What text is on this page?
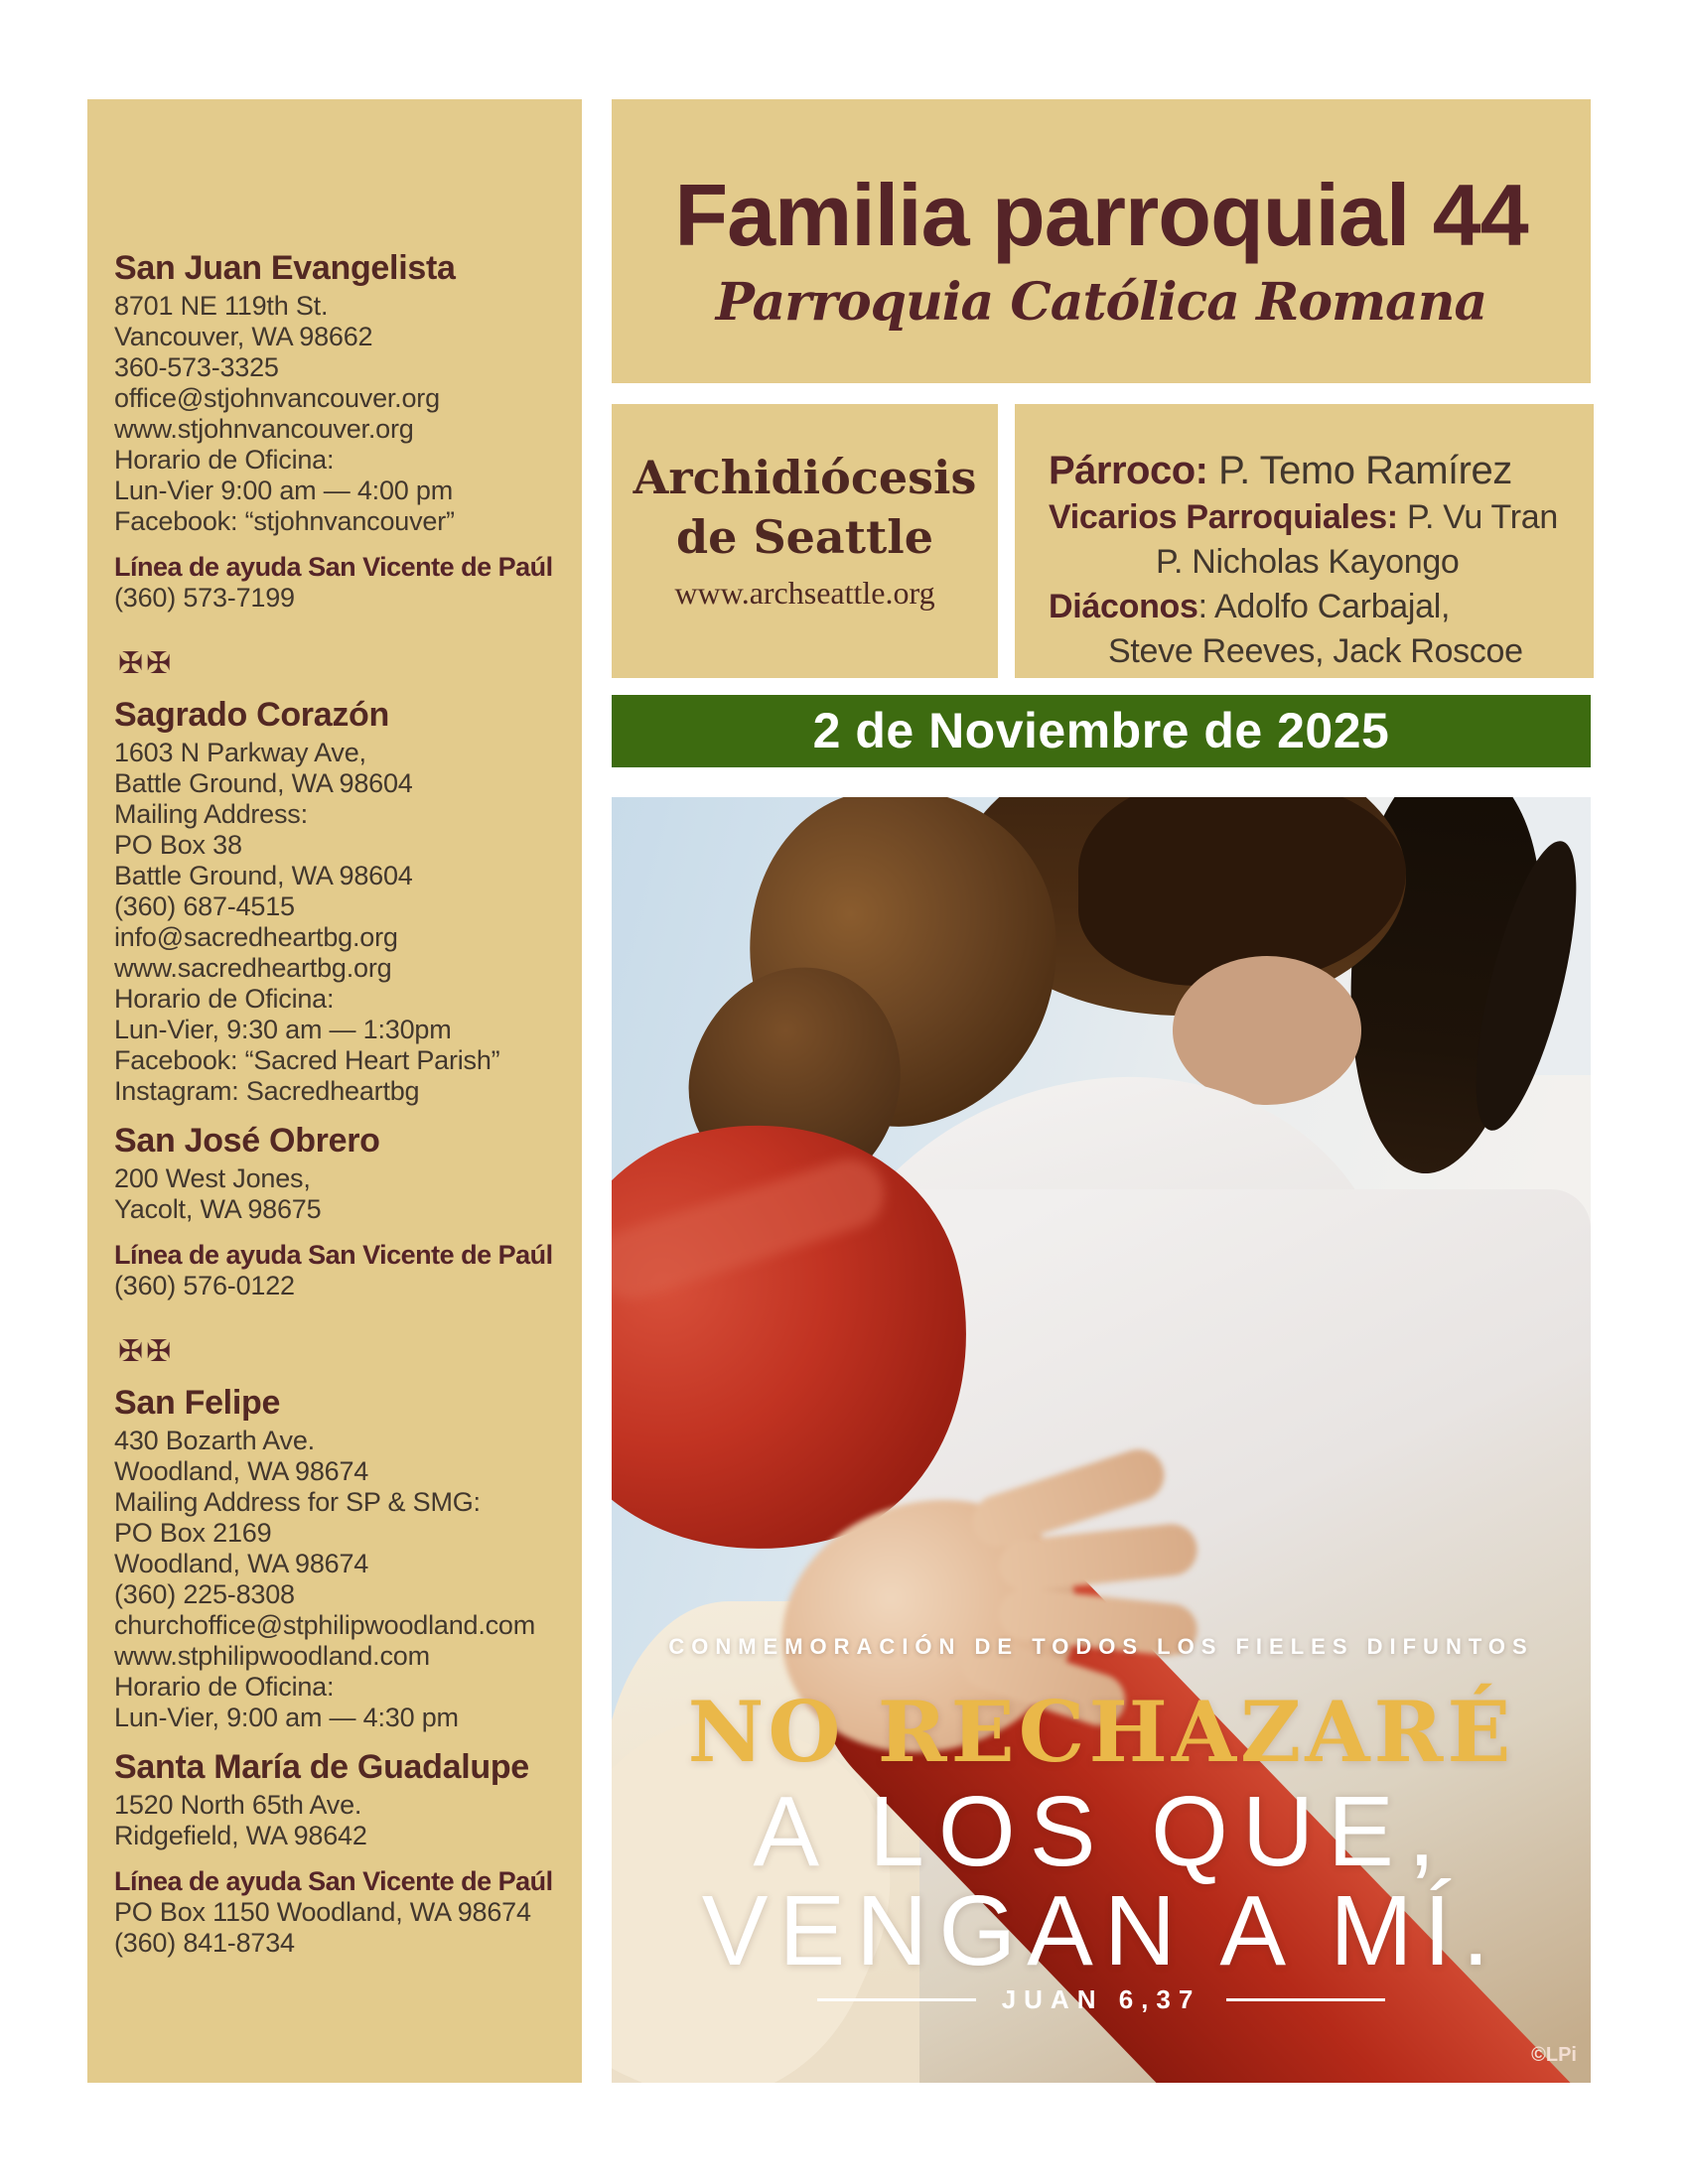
San Juan Evangelista
8701 NE 119th St.
Vancouver, WA 98662
360-573-3325
office@stjohnvancouver.org
www.stjohnvancouver.org
Horario de Oficina:
Lun-Vier 9:00 am — 4:00 pm
Facebook: “stjohnvancouver”
Línea de ayuda San Vicente de Paúl
(360) 573-7199
✠✠
Sagrado Corazón
1603 N Parkway Ave,
Battle Ground, WA 98604
Mailing Address:
PO Box 38
Battle Ground, WA 98604
(360) 687-4515
info@sacredheartbg.org
www.sacredheartbg.org
Horario de Oficina:
Lun-Vier, 9:30 am — 1:30pm
Facebook: “Sacred Heart Parish”
Instagram: Sacredheartbg
San José Obrero
200 West Jones,
Yacolt, WA 98675
Línea de ayuda San Vicente de Paúl
(360) 576-0122
✠✠
San Felipe
430 Bozarth Ave.
Woodland, WA 98674
Mailing Address for SP & SMG:
PO Box 2169
Woodland, WA 98674
(360) 225-8308
churchoffice@stphilipwoodland.com
www.stphilipwoodland.com
Horario de Oficina:
Lun-Vier, 9:00 am — 4:30 pm
Santa María de Guadalupe
1520 North 65th Ave.
Ridgefield, WA 98642
Línea de ayuda San Vicente de Paúl
PO Box 1150 Woodland, WA 98674
(360) 841-8734
Familia parroquial 44
Parroquia Católica Romana
Archidiócesis
de Seattle
www.archseattle.org
Párroco: P. Temo Ramírez
Vicarios Parroquiales: P. Vu Tran
P. Nicholas Kayongo
Diáconos: Adolfo Carbajal,
Steve Reeves, Jack Roscoe
2 de Noviembre de 2025
CONMEMORACIÓN DE TODOS LOS FIELES DIFUNTOS
NO RECHAZARÉ
A LOS QUE,
VENGAN A MÍ.
JUAN 6,37
©LPi
